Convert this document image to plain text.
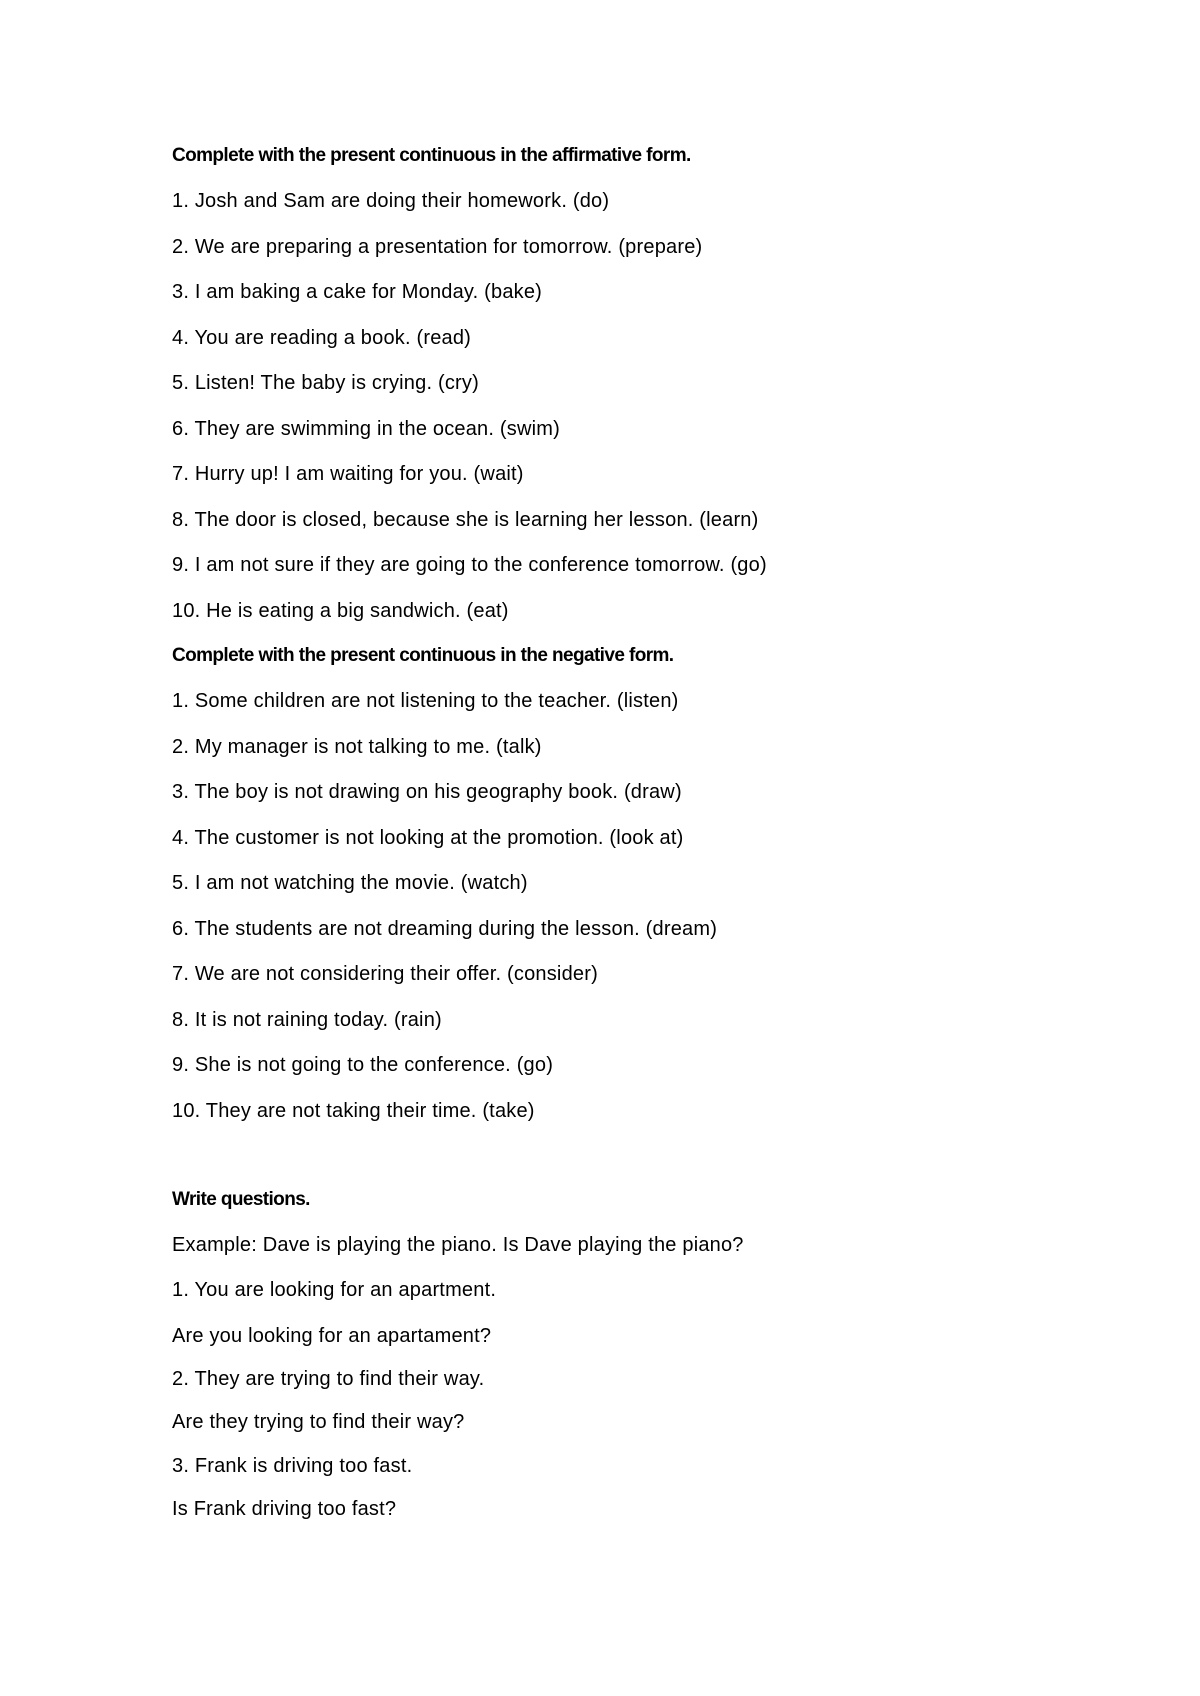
Complete with the present continuous in the affirmative form.
1. Josh and Sam are doing their homework. (do)
2. We are preparing a presentation for tomorrow. (prepare)
3. I am baking a cake for Monday. (bake)
4. You are reading a book. (read)
5. Listen! The baby is crying. (cry)
6. They are swimming in the ocean. (swim)
7. Hurry up! I am waiting for you. (wait)
8. The door is closed, because she is learning her lesson. (learn)
9. I am not sure if they are going to the conference tomorrow. (go)
10. He is eating a big sandwich. (eat)
Complete with the present continuous in the negative form.
1. Some children are not listening to the teacher. (listen)
2. My manager is not talking to me. (talk)
3. The boy is not drawing on his geography book. (draw)
4. The customer is not looking at the promotion. (look at)
5. I am not watching the movie. (watch)
6. The students are not dreaming during the lesson. (dream)
7. We are not considering their offer. (consider)
8. It is not raining today. (rain)
9. She is not going to the conference. (go)
10. They are not taking their time. (take)
Write questions.
Example: Dave is playing the piano. Is Dave playing the piano?
1. You are looking for an apartment.
Are you looking for an apartament?
2. They are trying to find their way.
Are they trying to find their way?
3. Frank is driving too fast.
Is Frank driving too fast?
